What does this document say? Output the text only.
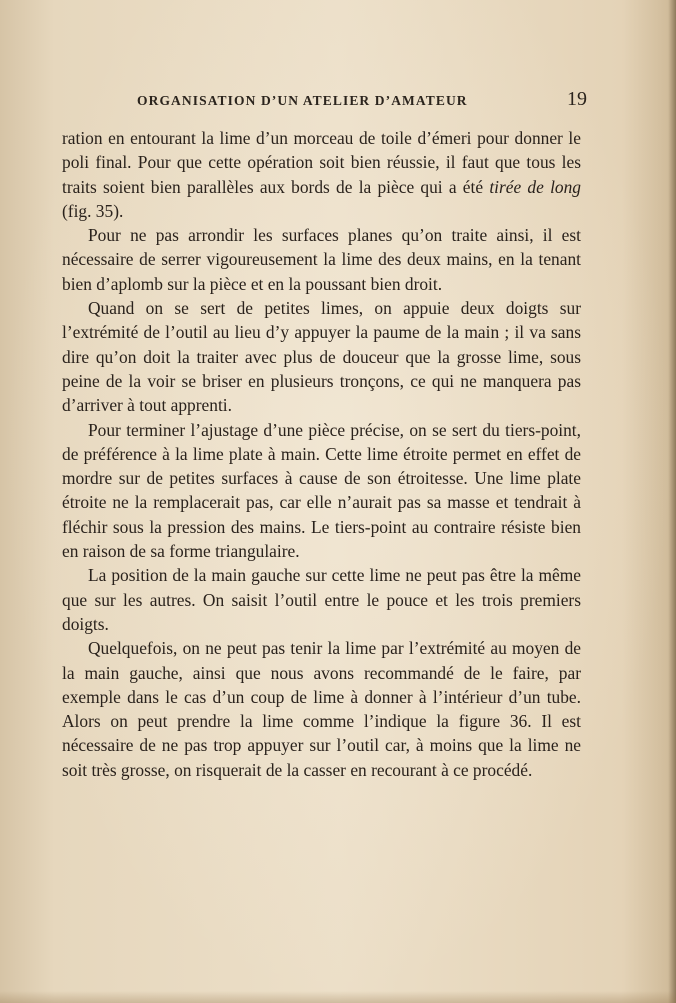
ORGANISATION D’UN ATELIER D’AMATEUR	19

ration en entourant la lime d’un morceau de toile d’émeri pour donner le poli final. Pour que cette opération soit bien réussie, il faut que tous les traits soient bien parallèles aux bords de la pièce qui a été tirée de long (fig. 35).

Pour ne pas arrondir les surfaces planes qu’on traite ainsi, il est nécessaire de serrer vigoureusement la lime des deux mains, en la tenant bien d’aplomb sur la pièce et en la poussant bien droit.

Quand on se sert de petites limes, on appuie deux doigts sur l’extrémité de l’outil au lieu d’y appuyer la paume de la main ; il va sans dire qu’on doit la traiter avec plus de douceur que la grosse lime, sous peine de la voir se briser en plusieurs tronçons, ce qui ne manquera pas d’arriver à tout apprenti.

Pour terminer l’ajustage d’une pièce précise, on se sert du tiers-point, de préférence à la lime plate à main. Cette lime étroite permet en effet de mordre sur de petites surfaces à cause de son étroitesse. Une lime plate étroite ne la remplacerait pas, car elle n’aurait pas sa masse et tendrait à fléchir sous la pression des mains. Le tiers-point au contraire résiste bien en raison de sa forme triangulaire.

La position de la main gauche sur cette lime ne peut pas être la même que sur les autres. On saisit l’outil entre le pouce et les trois premiers doigts.

Quelquefois, on ne peut pas tenir la lime par l’extrémité au moyen de la main gauche, ainsi que nous avons recommandé de le faire, par exemple dans le cas d’un coup de lime à donner à l’intérieur d’un tube. Alors on peut prendre la lime comme l’indique la figure 36. Il est nécessaire de ne pas trop appuyer sur l’outil car, à moins que la lime ne soit très grosse, on risquerait de la casser en recourant à ce procédé.
